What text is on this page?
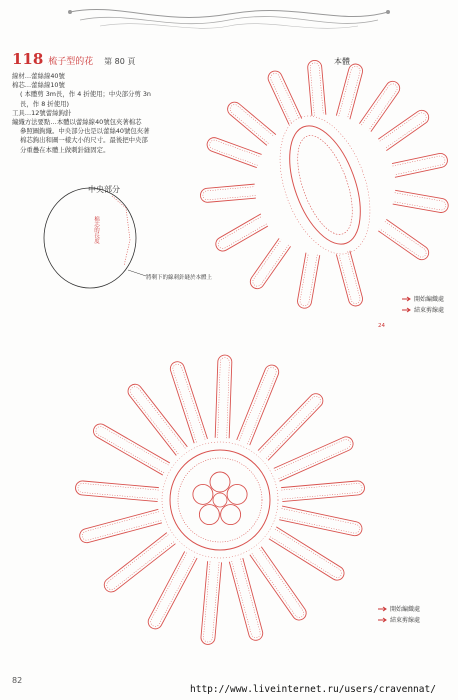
118 梳子型的花 第 80 頁
線材…蕾絲線40號
棉芯…蕾絲線10號
( 本體剪 3m長，作 4 折使用；中央部分剪 3n
長，作 8 折使用)
工具…12號蕾絲鉤針
編織方法要點…本體以蕾絲線40號包夾著棉芯
參照圖鉤織。中央部分也是以蕾絲40號包夾著
棉芯鉤出和圖一樣大小的尺寸。最後把中央部
分重疊在本體上做刺針縫固定。
本體
中央部分
棉芯的長度
將剩下的線刺針縫於本體上
24
開始編織處
結束剪線處
開始編織處
結束剪線處
82
http://www.liveinternet.ru/users/cravennat/
